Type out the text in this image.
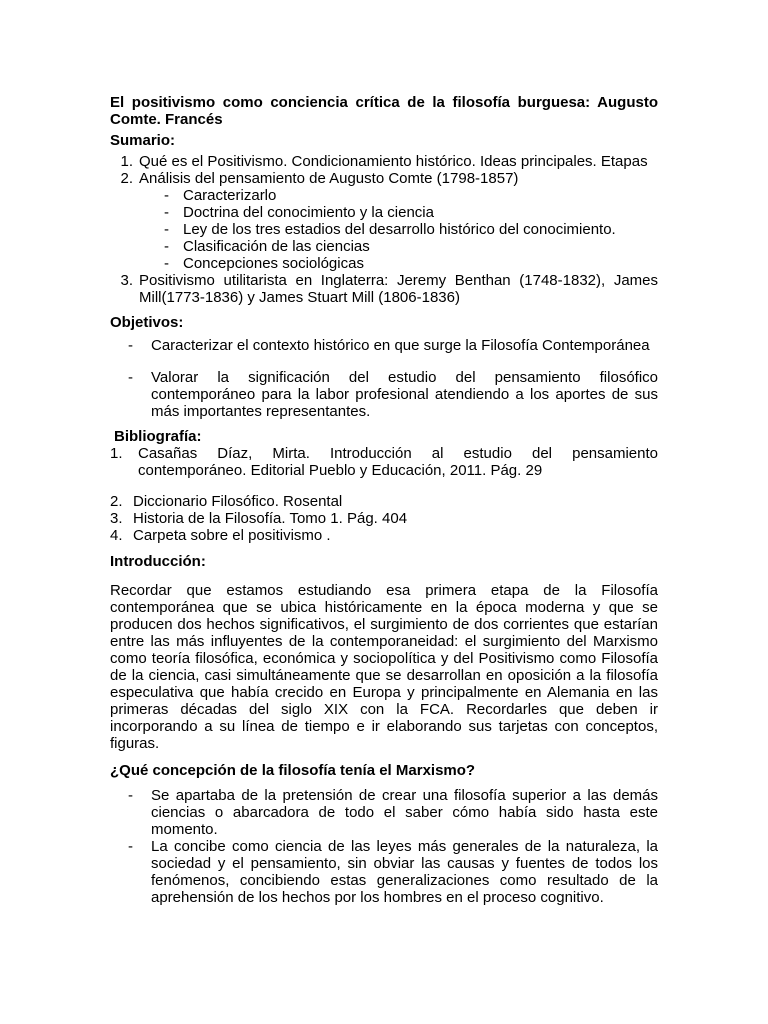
El positivismo como conciencia crítica de la filosofía burguesa: Augusto Comte. Francés

Sumario:

1. Qué es el Positivismo. Condicionamiento histórico. Ideas principales. Etapas
2. Análisis del pensamiento de Augusto Comte (1798-1857)
- Caracterizarlo
- Doctrina del conocimiento y la ciencia
- Ley de los tres estadios del desarrollo histórico del conocimiento.
- Clasificación de las ciencias
- Concepciones sociológicas
3. Positivismo utilitarista en Inglaterra: Jeremy Benthan (1748-1832), James Mill(1773-1836) y James Stuart Mill (1806-1836)

Objetivos:

- Caracterizar el contexto histórico en que surge la Filosofía Contemporánea
- Valorar la significación del estudio del pensamiento filosófico contemporáneo para la labor profesional atendiendo a los aportes de sus más importantes representantes.

Bibliografía:

1.	Casañas Díaz, Mirta. Introducción al estudio del pensamiento contemporáneo. Editorial Pueblo y Educación, 2011. Pág. 29
2. Diccionario Filosófico. Rosental
3. Historia de la Filosofía. Tomo 1. Pág. 404
4. Carpeta sobre el positivismo .

Introducción:

Recordar que estamos estudiando esa primera etapa de la Filosofía contemporánea que se ubica históricamente en la época moderna y que se producen dos hechos significativos, el surgimiento de dos corrientes que estarían entre las más influyentes de la contemporaneidad: el surgimiento del Marxismo como teoría filosófica, económica y sociopolítica y del Positivismo como Filosofía de la ciencia, casi simultáneamente que se desarrollan en oposición a la filosofía especulativa que había crecido en Europa y principalmente en Alemania en las primeras décadas del siglo XIX con la FCA. Recordarles que deben ir incorporando a su línea de tiempo e ir elaborando sus tarjetas con conceptos, figuras.

¿Qué concepción de la filosofía tenía el Marxismo?

- Se apartaba de la pretensión de crear una filosofía superior a las demás ciencias o abarcadora de todo el saber cómo había sido hasta este momento.
- La concibe como ciencia de las leyes más generales de la naturaleza, la sociedad y el pensamiento, sin obviar las causas y fuentes de todos los fenómenos, concibiendo estas generalizaciones como resultado de la aprehensión de los hechos por los hombres en el proceso cognitivo.
